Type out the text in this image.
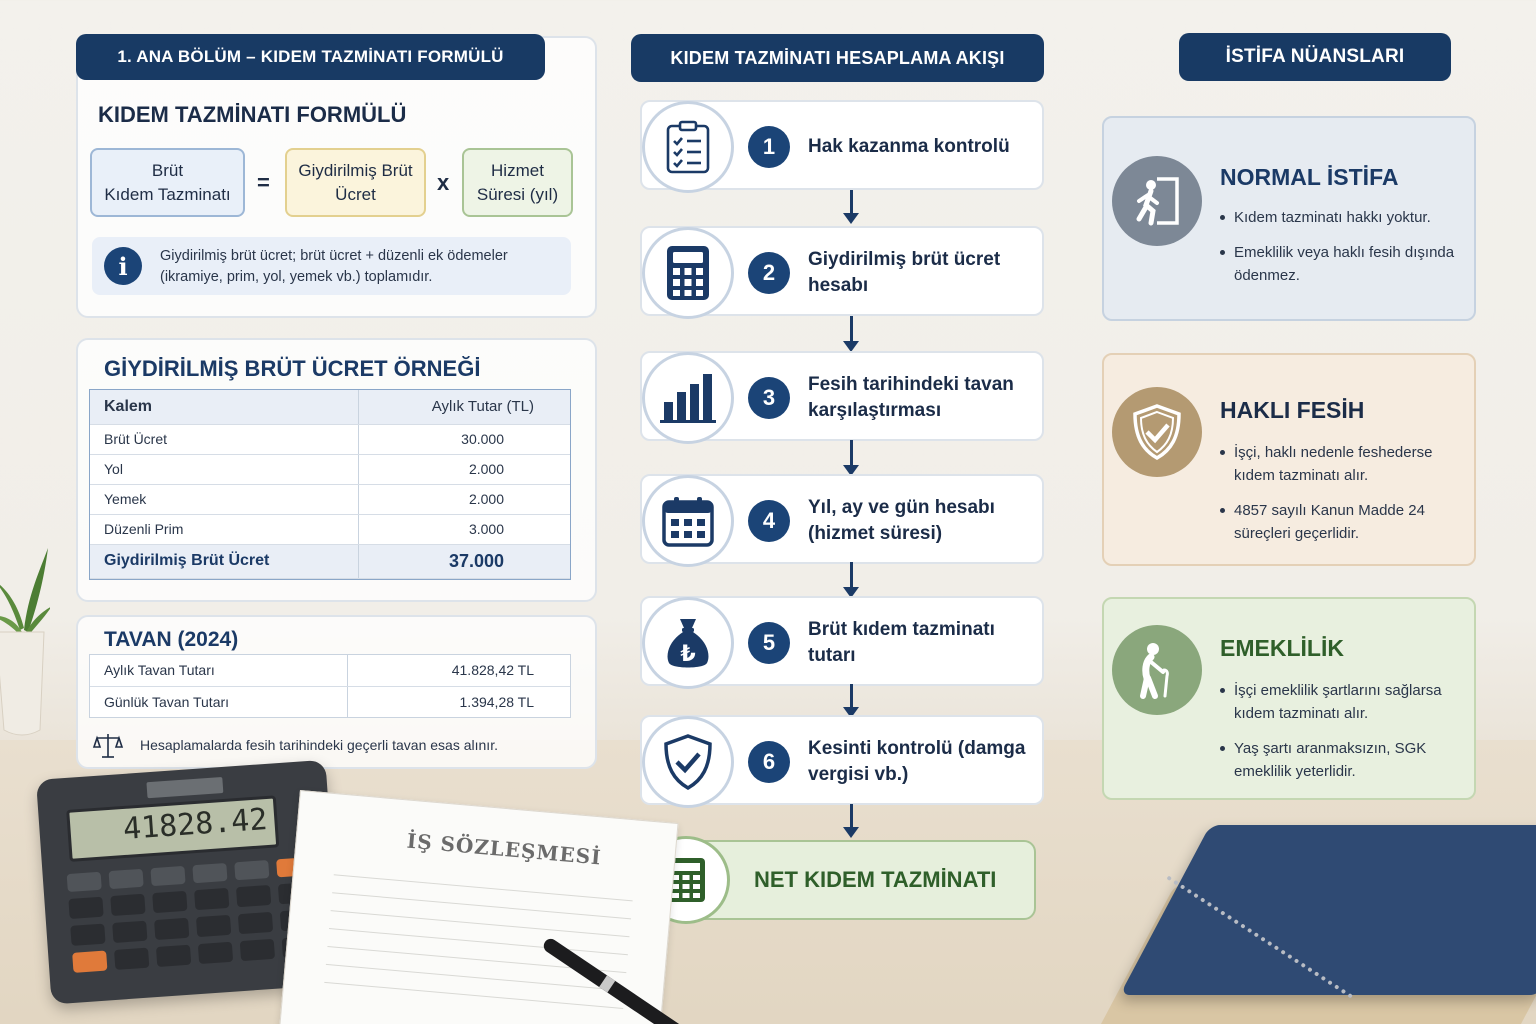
1. ANA BÖLÜM – KIDEM TAZMİNATI FORMÜLÜ
KIDEM TAZMİNATI FORMÜLÜ
Brüt
Kıdem Tazminatı = Giydirilmiş Brüt
Ücret	x	Hizmet
Süresi (yıl)
i	Giydirilmiş brüt ücret; brüt ücret + düzenli ek ödemeler
(ikramiye, prim, yol, yemek vb.) toplamıdır.
GİYDİRİLMİŞ BRÜT ÜCRET ÖRNEĞİ
Kalem	Aylık Tutar (TL)
Brüt Ücret	30.000
Yol	2.000
Yemek	2.000
Düzenli Prim	3.000
Giydirilmiş Brüt Ücret	37.000
TAVAN (2024)
Aylık Tavan Tutarı	41.828,42 TL
Günlük Tavan Tutarı	1.394,28 TL
Hesaplamalarda fesih tarihindeki geçerli tavan esas alınır.
KIDEM TAZMİNATI HESAPLAMA AKIŞI
1	Hak kazanma kontrolü
2
Giydirilmiş brüt ücret hesabı
3
Fesih tarihindeki tavan karşılaştırması
4
Yıl, ay ve gün hesabı (hizmet süresi)
₺	5
Brüt kıdem tazminatı tutarı
6
Kesinti kontrolü (damga vergisi vb.)
NET KIDEM TAZMİNATI
İSTİFA NÜANSLARI
NORMAL İSTİFA
Kıdem tazminatı hakkı yoktur.
Emeklilik veya haklı fesih dışında
ödenmez.
HAKLI FESİH
İşçi, haklı nedenle feshederse
kıdem tazminatı alır.
4857 sayılı Kanun Madde 24
süreçleri geçerlidir.
EMEKLİLİK
İşçi emeklilik şartlarını sağlarsa
kıdem tazminatı alır.
Yaş şartı aranmaksızın, SGK
emeklilik yeterlidir.
41828.42
İŞ SÖZLEŞMESİ
